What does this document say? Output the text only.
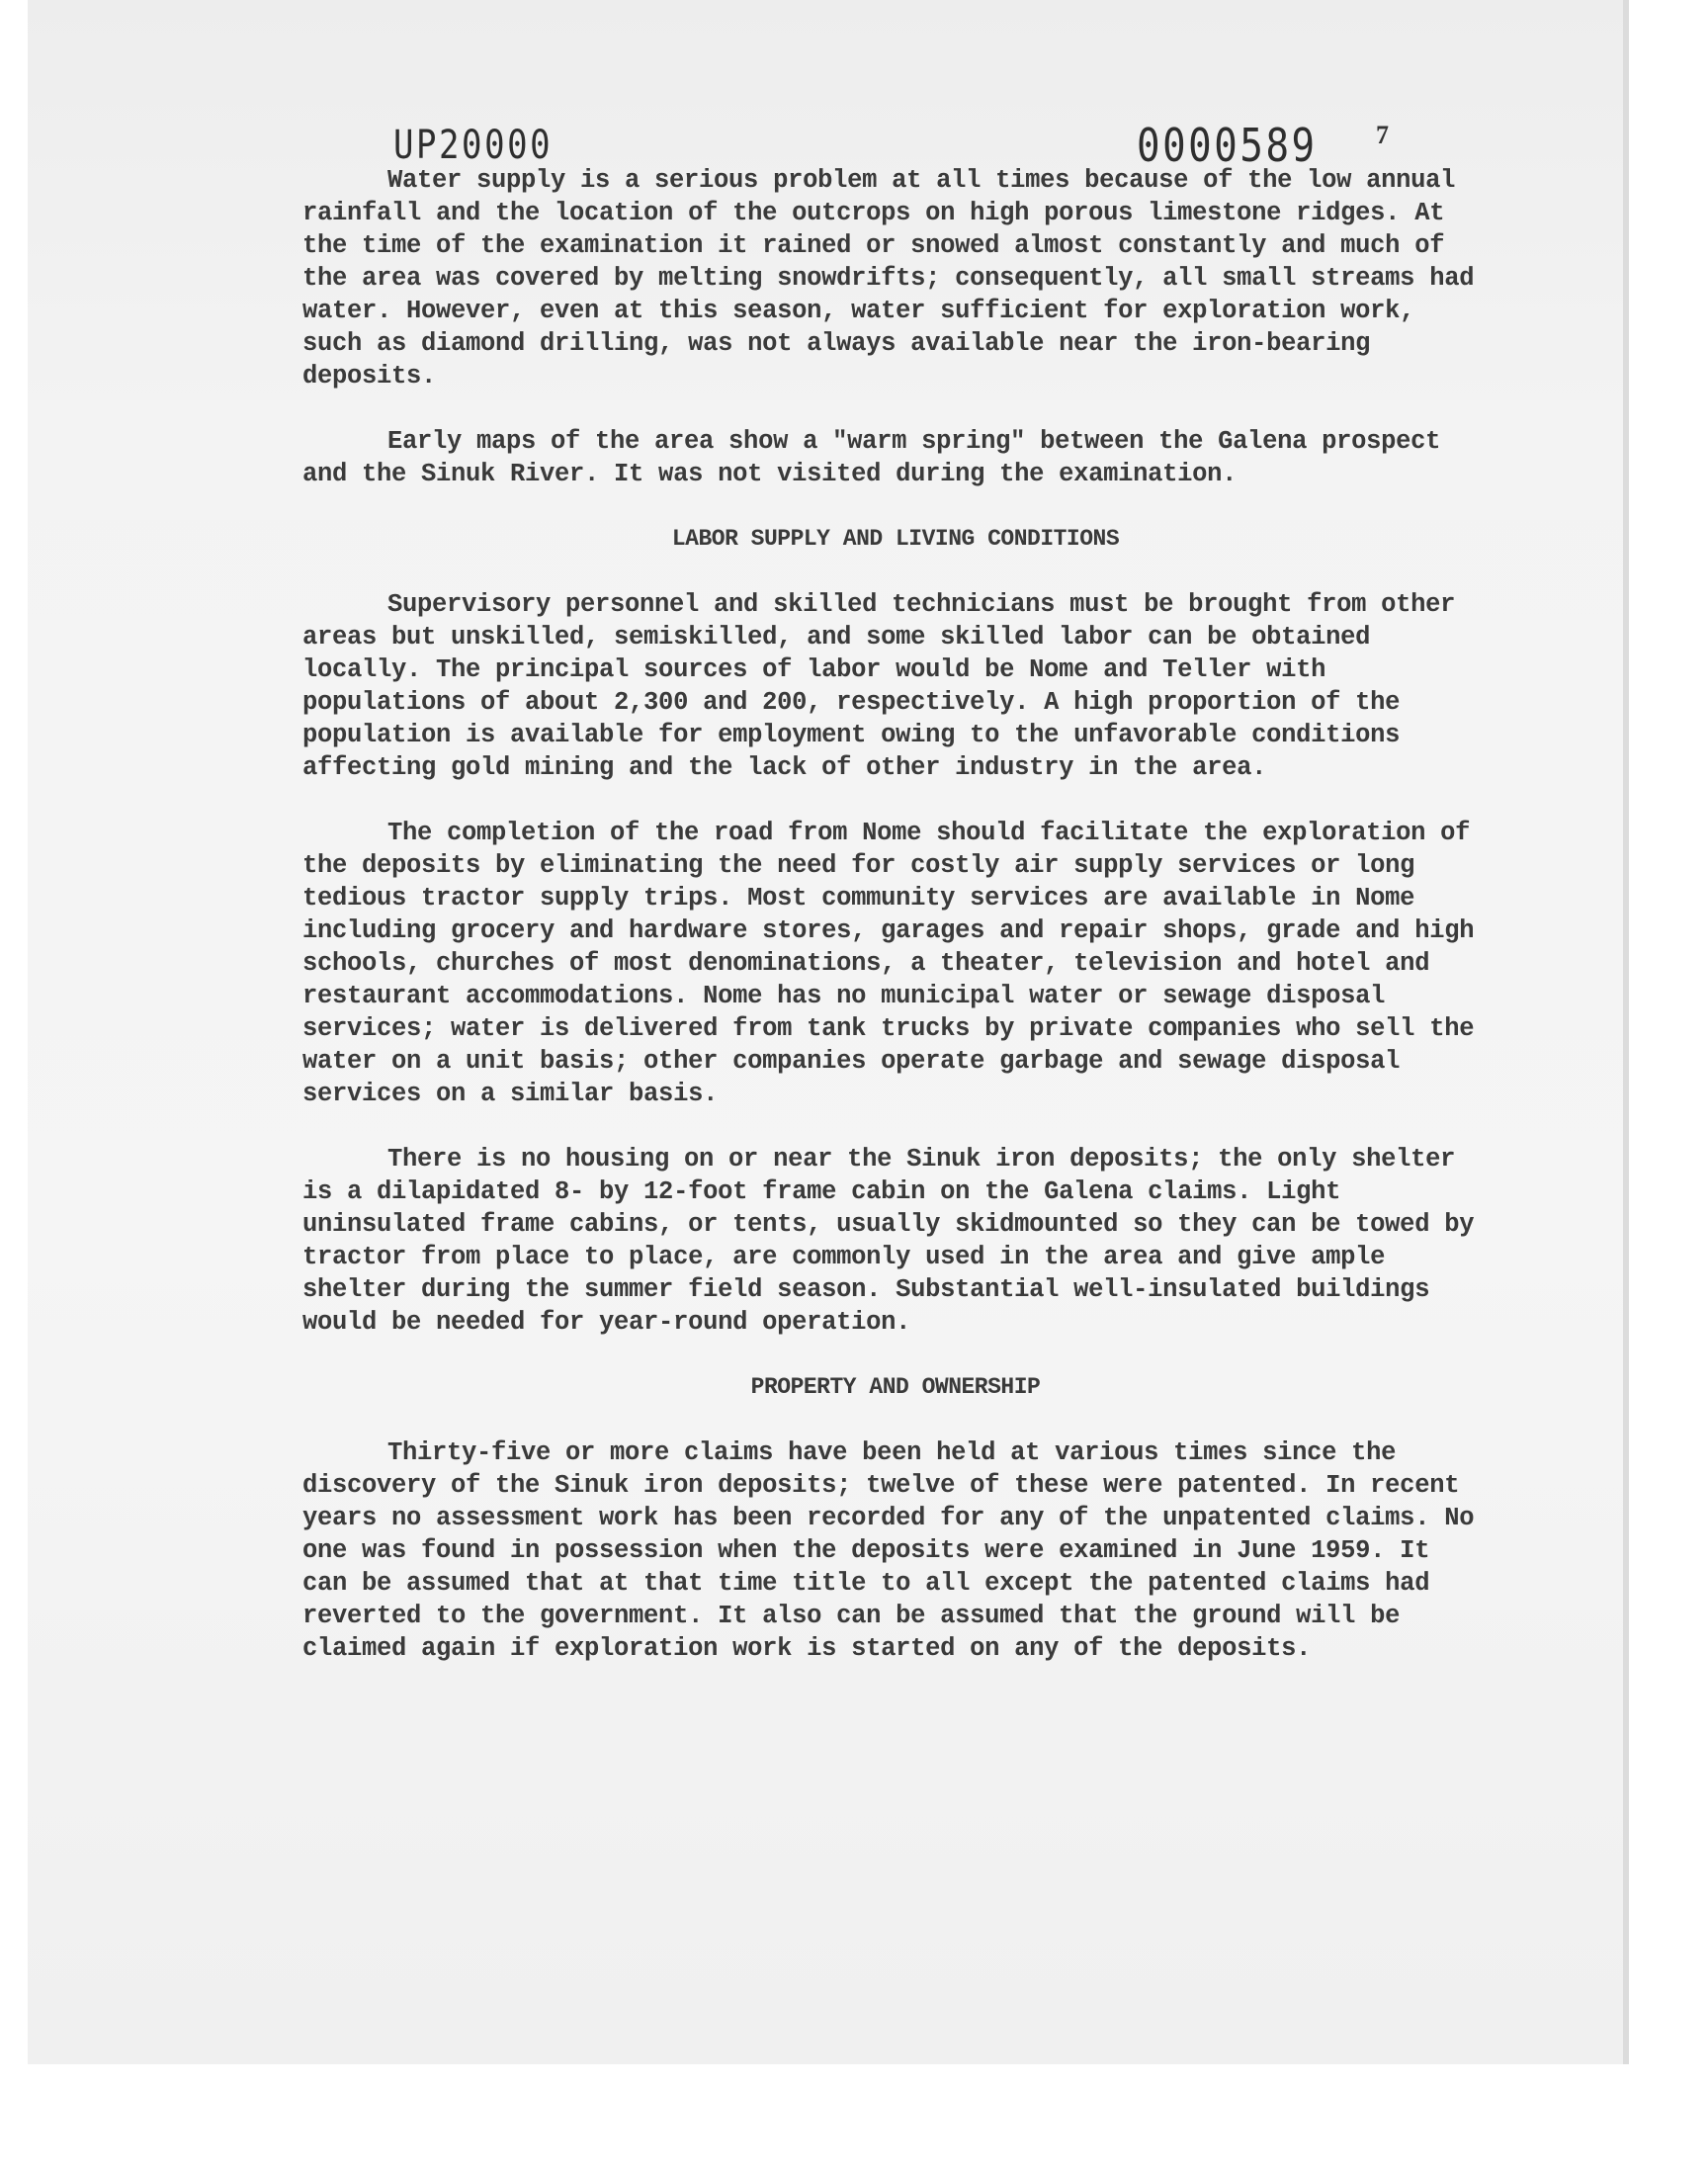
UP20000	0000589 7

Water supply is a serious problem at all times because of the low annual rainfall and the location of the outcrops on high porous limestone ridges. At the time of the examination it rained or snowed almost constantly and much of the area was covered by melting snowdrifts; consequently, all small streams had water. However, even at this season, water sufficient for exploration work, such as diamond drilling, was not always available near the iron-bearing deposits.

Early maps of the area show a "warm spring" between the Galena prospect and the Sinuk River. It was not visited during the examination.

LABOR SUPPLY AND LIVING CONDITIONS

Supervisory personnel and skilled technicians must be brought from other areas but unskilled, semiskilled, and some skilled labor can be obtained locally. The principal sources of labor would be Nome and Teller with populations of about 2,300 and 200, respectively. A high proportion of the population is available for employment owing to the unfavorable conditions affecting gold mining and the lack of other industry in the area.

The completion of the road from Nome should facilitate the exploration of the deposits by eliminating the need for costly air supply services or long tedious tractor supply trips. Most community services are available in Nome including grocery and hardware stores, garages and repair shops, grade and high schools, churches of most denominations, a theater, television and hotel and restaurant accommodations. Nome has no municipal water or sewage disposal services; water is delivered from tank trucks by private companies who sell the water on a unit basis; other companies operate garbage and sewage disposal services on a similar basis.

There is no housing on or near the Sinuk iron deposits; the only shelter is a dilapidated 8- by 12-foot frame cabin on the Galena claims. Light uninsulated frame cabins, or tents, usually skidmounted so they can be towed by tractor from place to place, are commonly used in the area and give ample shelter during the summer field season. Substantial well-insulated buildings would be needed for year-round operation.

PROPERTY AND OWNERSHIP

Thirty-five or more claims have been held at various times since the discovery of the Sinuk iron deposits; twelve of these were patented. In recent years no assessment work has been recorded for any of the unpatented claims. No one was found in possession when the deposits were examined in June 1959. It can be assumed that at that time title to all except the patented claims had reverted to the government. It also can be assumed that the ground will be claimed again if exploration work is started on any of the deposits.
